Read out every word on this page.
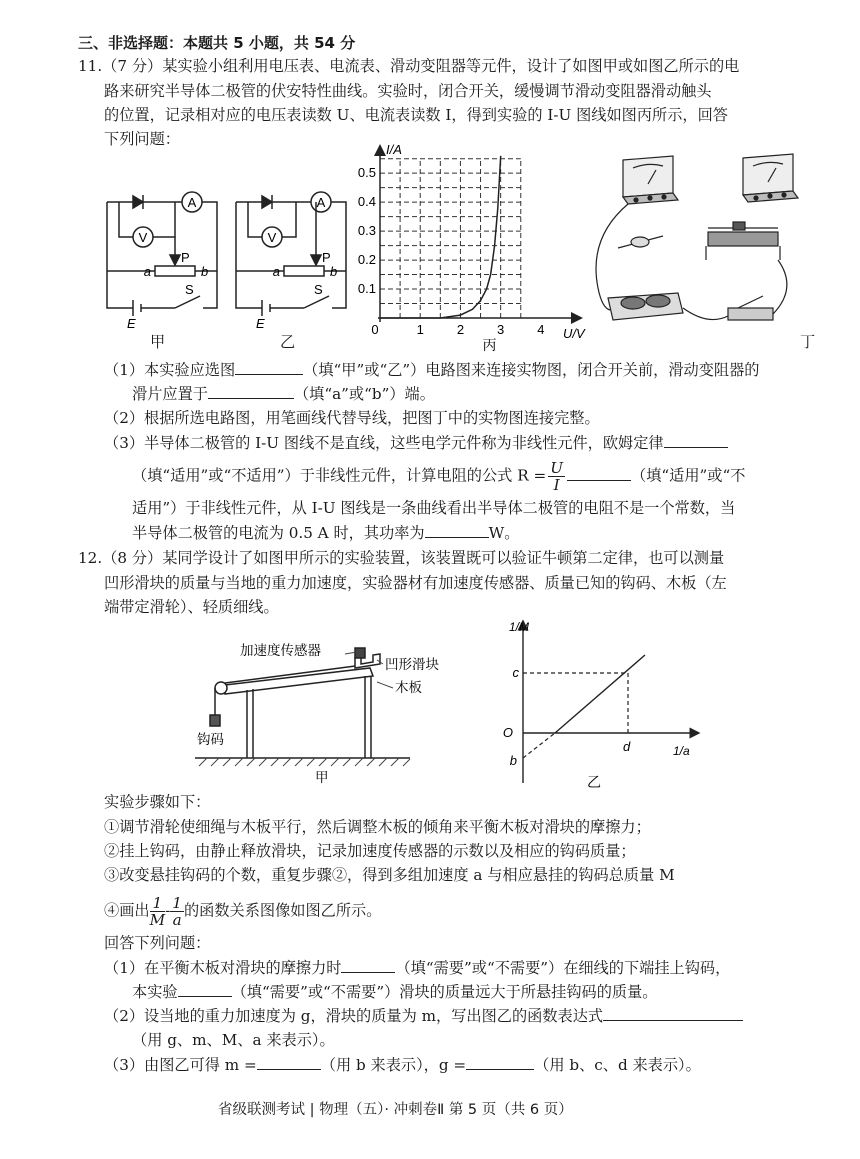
三、非选择题：本题共 5 小题，共 54 分
11.（7 分）某实验小组利用电压表、电流表、滑动变阻器等元件，设计了如图甲或如图乙所示的电
路来研究半导体二极管的伏安特性曲线。实验时，闭合开关，缓慢调节滑动变阻器滑动触头
的位置，记录相对应的电压表读数 U、电流表读数 I，得到实验的 I-U 图线如图丙所示，回答
下列问题：
A
V
P
a	b
S
E
甲
A
V
P
a	b
S
E
乙
0	1	2	3	4
0.1
0.2
0.3
0.4
0.5
I/A
U/V
丙	丁
（1）本实验应选图	（填“甲”或“乙”）电路图来连接实物图，闭合开关前，滑动变阻器的
滑片应置于	（填“a”或“b”）端。
（2）根据所选电路图，用笔画线代替导线，把图丁中的实物图连接完整。
（3）半导体二极管的 I-U 图线不是直线，这些电学元件称为非线性元件，欧姆定律
（填“适用”或“不适用”）于非线性元件，计算电阻的公式 $R = \frac{U}{I}$	（填“适用”或“不
适用”）于非线性元件，从 I-U 图线是一条曲线看出半导体二极管的电阻不是一个常数，当
半导体二极管的电流为 0.5 A 时，其功率为	W。
12.（8 分）某同学设计了如图甲所示的实验装置，该装置既可以验证牛顿第二定律，也可以测量
凹形滑块的质量与当地的重力加速度，实验器材有加速度传感器、质量已知的钩码、木板（左
端带定滑轮）、轻质细线。
加速度传感器
凹形滑块
木板
钩码
甲
1/M
O
c
b
d	1/a
乙
实验步骤如下：
①调节滑轮使细绳与木板平行，然后调整木板的倾角来平衡木板对滑块的摩擦力；
②挂上钩码，由静止释放滑块，记录加速度传感器的示数以及相应的钩码质量；
③改变悬挂钩码的个数，重复步骤②，得到多组加速度 a 与相应悬挂的钩码总质量 M
④画出 $\frac{1}{M} - \frac{1}{a}$ 的函数关系图像如图乙所示。
回答下列问题：
（1）在平衡木板对滑块的摩擦力时	（填“需要”或“不需要”）在细线的下端挂上钩码，
本实验	（填“需要”或“不需要”）滑块的质量远大于所悬挂钩码的质量。
（2）设当地的重力加速度为 g，滑块的质量为 m，写出图乙的函数表达式
（用 g、m、M、a 来表示）。
（3）由图乙可得 m =	（用 b 来表示），g =	（用 b、c、d 来表示）。
省级联测考试 | 物理（五）· 冲刺卷Ⅱ 第 5 页（共 6 页）
